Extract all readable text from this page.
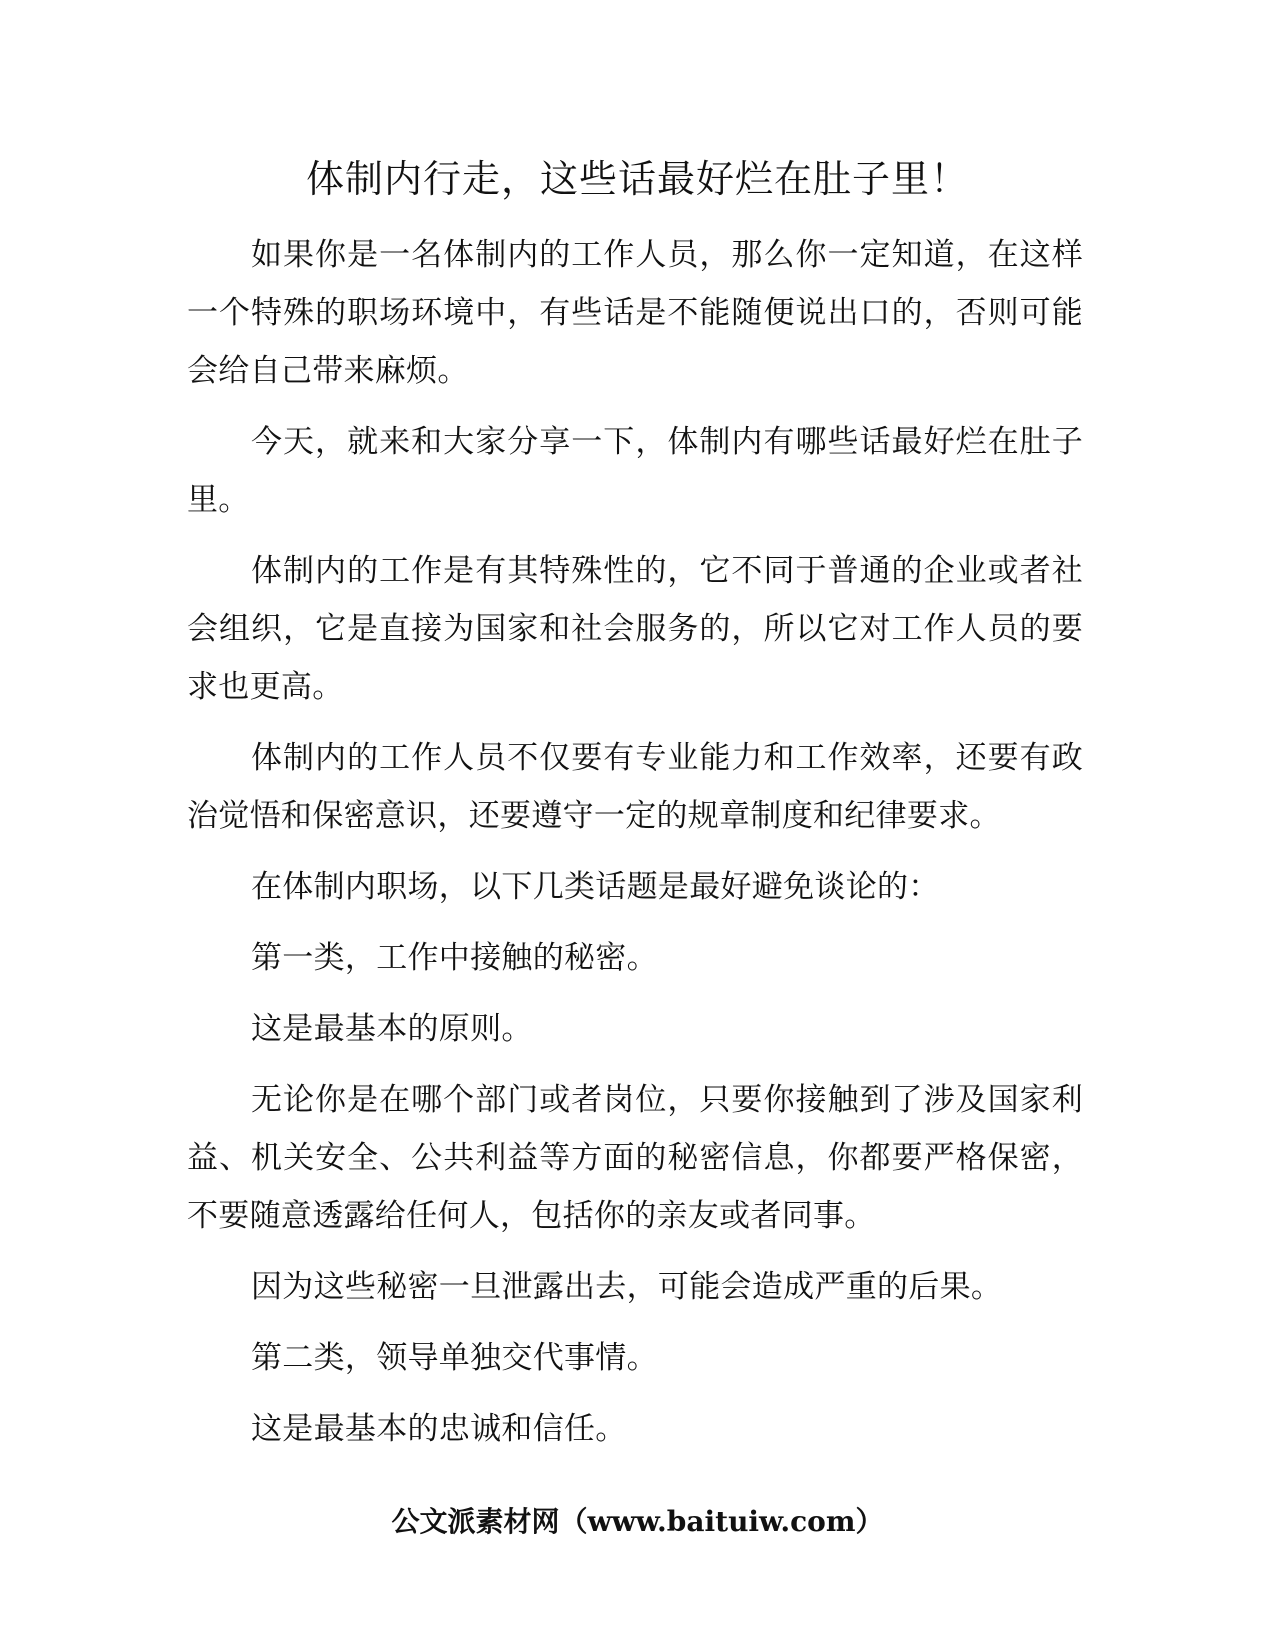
体制内行走，这些话最好烂在肚子里！

如果你是一名体制内的工作人员，那么你一定知道，在这样一个特殊的职场环境中，有些话是不能随便说出口的，否则可能会给自己带来麻烦。

今天，就来和大家分享一下，体制内有哪些话最好烂在肚子里。

体制内的工作是有其特殊性的，它不同于普通的企业或者社会组织，它是直接为国家和社会服务的，所以它对工作人员的要求也更高。

体制内的工作人员不仅要有专业能力和工作效率，还要有政治觉悟和保密意识，还要遵守一定的规章制度和纪律要求。

在体制内职场，以下几类话题是最好避免谈论的：

第一类，工作中接触的秘密。

这是最基本的原则。

无论你是在哪个部门或者岗位，只要你接触到了涉及国家利益、机关安全、公共利益等方面的秘密信息，你都要严格保密，不要随意透露给任何人，包括你的亲友或者同事。

因为这些秘密一旦泄露出去，可能会造成严重的后果。

第二类，领导单独交代事情。

这是最基本的忠诚和信任。

公文派素材网（www.baituiw.com）
